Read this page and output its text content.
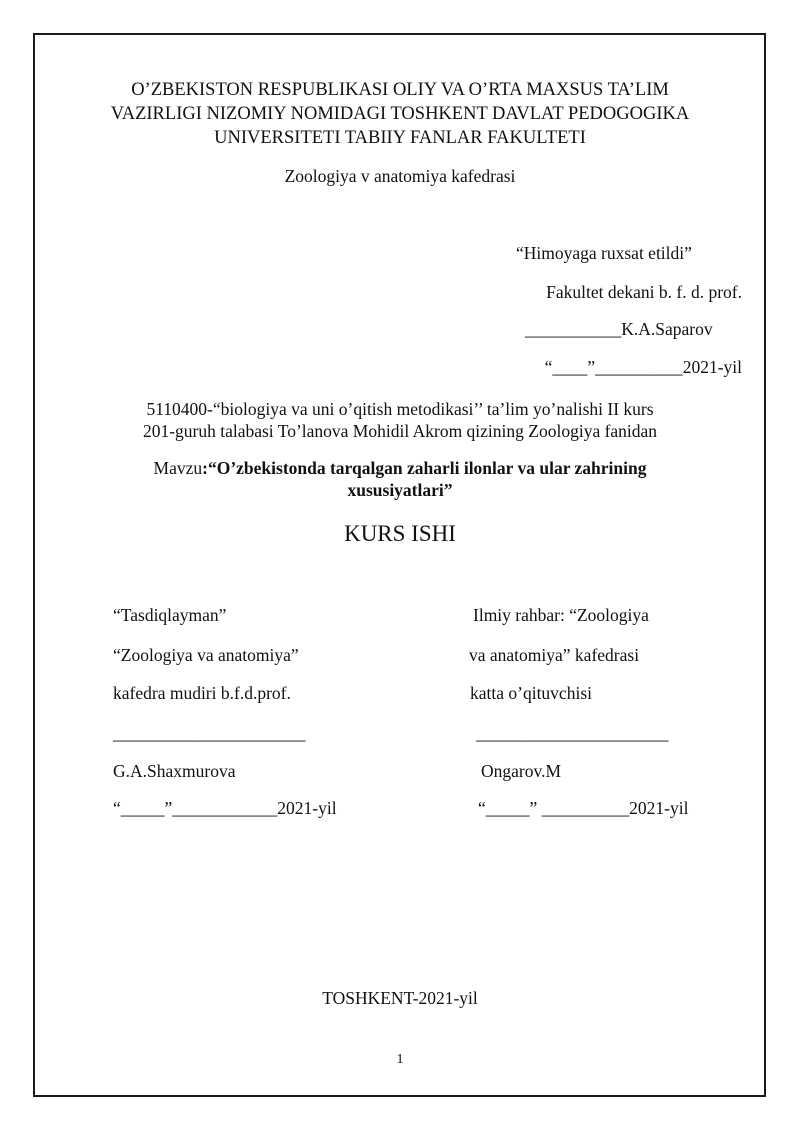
O’ZBEKISTON RESPUBLIKASI OLIY VA O’RTA MAXSUS TA’LIM
VAZIRLIGI NIZOMIY NOMIDAGI TOSHKENT DAVLAT PEDOGOGIKA
UNIVERSITETI TABIIY FANLAR FAKULTETI
Zoologiya v anatomiya kafedrasi
“Himoyaga ruxsat etildi”
Fakultet dekani b. f. d. prof.
___________K.A.Saparov
“____”__________2021-yil
5110400-“biologiya va uni o’qitish metodikasi’’ ta’lim yo’nalishi II kurs
201-guruh talabasi To’lanova Mohidil Akrom qizining Zoologiya fanidan
Mavzu:“O’zbekistonda tarqalgan zaharli ilonlar va ular zahrining
xususiyatlari”
KURS ISHI
“Tasdiqlayman”
“Zoologiya va anatomiya”
kafedra mudiri b.f.d.prof.
______________________
G.A.Shaxmurova
“_____”____________2021-yil
Ilmiy rahbar: “Zoologiya
va anatomiya” kafedrasi
katta o’qituvchisi
______________________
Ongarov.M
“_____” __________2021-yil
TOSHKENT-2021-yil
1
